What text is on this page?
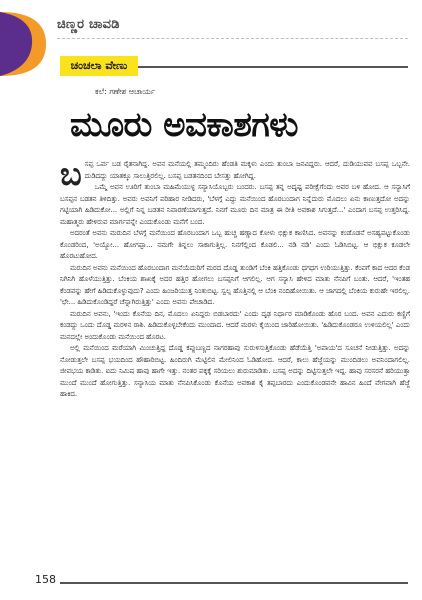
ಚಿಣ್ಣರ ಚಾವಡಿ
ಚಂಚಲಾ ವೇಣು
ಕಲೆ: ಗಣೇಶ ಆಚಾರ್ಯ
ಮೂರು ಅವಕಾಶಗಳು

ಬಸಪ್ಪ ಒರ್ವ ಬಡ ರೈತನಾಗಿದ್ದ. ಅವನ ಮನೆಯಲ್ಲಿ ತಮ್ಮಂದಿರು ಹೆಂಡತಿ ಮಕ್ಕಳು ಎಂದು ತುಂಬಾ ಜನವಿದ್ದರು. ಆದರೆ, ದುಡಿಯುವವ ಬಸಪ್ಪ ಒಬ್ಬನೇ. ದುಡಿದದ್ದು ಯಾತಕ್ಕೂ ಸಾಲುತ್ತಿರಲಿಲ್ಲ. ಬಸಪ್ಪ ಬಡತನದಿಂದ ಬೇಸತ್ತು ಹೋಗಿದ್ದ.

ಒಮ್ಮೆ ಅವನ ಊರಿಗೆ ತುಂಬಾ ಮಹಿಮೆಯುಳ್ಳ ಸನ್ಯಾಸಿಯೊಬ್ಬರು ಬಂದರು. ಬಸಪ್ಪ ತನ್ನ ಅದೃಷ್ಟ ಪರೀಕ್ಷೆಗೆಂದು ಅವರ ಬಳಿ ಹೋದ. ಆ ಸನ್ಯಾಸಿಗೆ ಬಸಪ್ಪನ ಬಡತನ ತಿಳಿದಿತ್ತು. ಅವರು ಅವನಿಗೆ ಪರಿಹಾರ ನೀಡಿದರು, 'ಬೆಳಗ್ಗೆ ಎದ್ದು ಮನೆಯಿಂದ ಹೊರಬಂದಾಗ ನಿನ್ನೆದುರು ಮೊದಲು ಏನು ಕಾಣುತ್ತದೋ ಅದನ್ನು ಗಟ್ಟಿಯಾಗಿ ಹಿಡಿದುಕೋ... ಅಲ್ಲಿಗೆ ನಿನ್ನ ಬಡತನ ನಿವಾರಣೆಯಾಗುತ್ತದೆ. ನಿನಗೆ ಮೂರು ದಿನ ಮಾತ್ರ ಈ ರೀತಿ ಅವಕಾಶ ಸಿಗುತ್ತದೆ...' ಎಂದಾಗ ಬಸಪ್ಪ ಉತ್ತರಿಸಿದ್ದ. ಮಹಾತ್ಮರು ಹೇಳಿರುವ ಮಾರ್ಗವನ್ನೇ ಎಂದುಕೊಂಡು ಮನೆಗೆ ಬಂದ.

ಅದರಂತೆ ಅವನು ಮರುದಿನ ಬೆಳಗ್ಗೆ ಮನೆಯಿಂದ ಹೊರಬಂದಾಗ ಒಬ್ಬ ಹುಚ್ಚ ಹಣ್ಣಾದ ಕೋಳು ಭಿಕ್ಷುಕ ಕಾಣಿಸಿದ. ಅವನನ್ನು ಕಂಡೊಡನೆ ಅಸಹ್ಯಪಟ್ಟುಕೊಂಡು ಕೊಂಡರಿಂದ, 'ಅಯ್ಯೋ... ಹೋಗಪ್ಪಾ... ನಮಗೇ ತಿನ್ನಲು ಸಾಕಾಗುತ್ತಿಲ್ಲ. ನಿನಗೆಲ್ಲಿಂದ ಕೊಡಲಿ... ನಡಿ ನಡಿ' ಎಂದು ಓಡಿಸಿಬಿಟ್ಟ. ಆ ಭಿಕ್ಷುಕ ಕೂಡಲೇ ಹೊರಟುಹೋದ.

ಮರುದಿನ ಅವನು ಮನೆಯಿಂದ ಹೊರಬಂದಾಗ ಮನೆಯೆದುರಿಗೆ ಮರದ ದೊಡ್ಡ ತುಂಡಿಗೆ ಬೆಂಕಿ ಹತ್ತಿಕೊಂಡು ಧಗಧಗ ಉರಿಯುತ್ತಿತ್ತು. ಕೆಂಪಗೆ ಕಾದ ಆದರ ಕೆಂಡ ನಿಗಿನಿಗಿ ಹೊಳೆಯುತ್ತಿತ್ತು. ಬೆಂಕಿಯ ಶಾಖಕ್ಕೆ ಅದರ ಹತ್ತಿರ ಹೋಗಲು ಬಸಪ್ಪನಿಗೆ ಆಗಲಿಲ್ಲ. ಆಗ ಸನ್ಯಾಸಿ ಹೇಳಿದ ಮಾತು ನೆನಪಿಗೆ ಬಂತು. ಆದರೆ, 'ಇಂತಹ ಕೆಂಡವನ್ನು ಹೇಗೆ ಹಿಡಿದುಕೊಳ್ಳುವುದು? ಎಂದು ಹಿಂಜರಿಯುತ್ತ ನಿಂತುಬಿಟ್ಟ. ಸ್ವಲ್ಪ ಹೊತ್ತಿನಲ್ಲಿ ಆ ಬೆಂಕಿ ನಂದಿಹೋಯಿತು. ಆ ಜಾಗದಲ್ಲಿ ಬೆಂಕಿಯ ಕುರುಹೇ ಇರಲಿಲ್ಲ. 'ಛೇ... ಹಿಡಿದುಕೊಂಡಿದ್ದರೆ ಚೆನ್ನಾಗಿರುತ್ತಿತ್ತು' ಎಂದು ಅವನು ಪೇಚಾಡಿದ.

ಮರುದಿನ ಅವನು, 'ಇಂದು ಕೊನೆಯ ದಿನ, ಮೊದಲು ಏನಿದ್ದರು ಬಿಡಬಾರದು' ಎಂದು ದೃಢ ನಿರ್ಧಾರ ಮಾಡಿಕೊಂಡು ಹೊರ ಬಂದ. ಅವನ ಎದುರು ಕಣ್ಣಿಗೆ ಕಂಡದ್ದು ಒಂದು ದೊಡ್ಡ ಮರಳಿನ ರಾಶಿ. ಹಿಡಿದುಕೊಳ್ಳಬೇಕೆಂದು ಮುಂದಾದ. ಆದರೆ ಮರಳು ಕೈಯಿಂದ ಜಾರಿಹೋಯಿತು. 'ಹಿಡಿದುಕೊಂಡರೂ ಉಳಿಯಲಿಲ್ಲ' ಎಂದು ಮನದಲ್ಲೇ ಅಂದುಕೊಂಡು ಮನೆಯಿಂದ ಹೊರಟ.

ಅಲ್ಲಿ ಮನೆಯಿಂದ ಮರೆಯಾಗಿ ಮಿಂಚುತ್ತಿದ್ದ ದೊಡ್ಡ ಕಪ್ಪುಬಣ್ಣದ ನಾಗರಹಾವು ಸುರುಳಿಸುತ್ತಿಕೊಂಡು ಹೆಡೆಯೆತ್ತಿ 'ಅಪಾಯ'ದ ಸೂಚನೆ ನೀಡುತ್ತಿತ್ತು. ಅದನ್ನು ನೋಡುತ್ತಲೇ ಬಸಪ್ಪ ಭಯದಿಂದ ಹೌಹಾರಿಬಿಟ್ಟ. ಹಿಂದಿರುಗಿ ಮೆಟ್ಟಿಲಿನ ಮೇಲಿನಿಂದ ಓಡಿಹೋದ. ಆದರೆ, ಕಾಲು ಹೆಜ್ಜೆಯನ್ನು ಮುಂದಿಡಲು ಅವನಿಂದಾಗಲಿಲ್ಲ. ಜೀವಭಯ ಕಾಡಿತು. ಐದು ನಿಮಿಷ ಹಾವು ಹಾಗೇ ಇತ್ತು. ನಂತರ ಪಕ್ಕಕ್ಕೆ ಸರಿಯಲು ಶುರುಮಾಡಿತು. ಬಸಪ್ಪ ಅದನ್ನು ದಿಟ್ಟಿಸುತ್ತಲೇ ಇದ್ದ. ಹಾವು ಸರಸರನೆ ಹರಿಯುತ್ತಾ ಮುಂದೆ ಮುಂದೆ ಹೋಗುತ್ತಿತ್ತು. ಸನ್ಯಾಸಿಯ ಮಾತು ನೆನಪಿಸಿಕೊಂಡು ಕೊನೆಯ ಅವಕಾಶ ಕೈ ತಪ್ಪಬಾರದು ಎಂದುಕೊಂಡವನೇ ಹಾವಿನ ಹಿಂದೆ ವೇಗವಾಗಿ ಹೆಜ್ಜೆ ಹಾಕಿದ.

158
